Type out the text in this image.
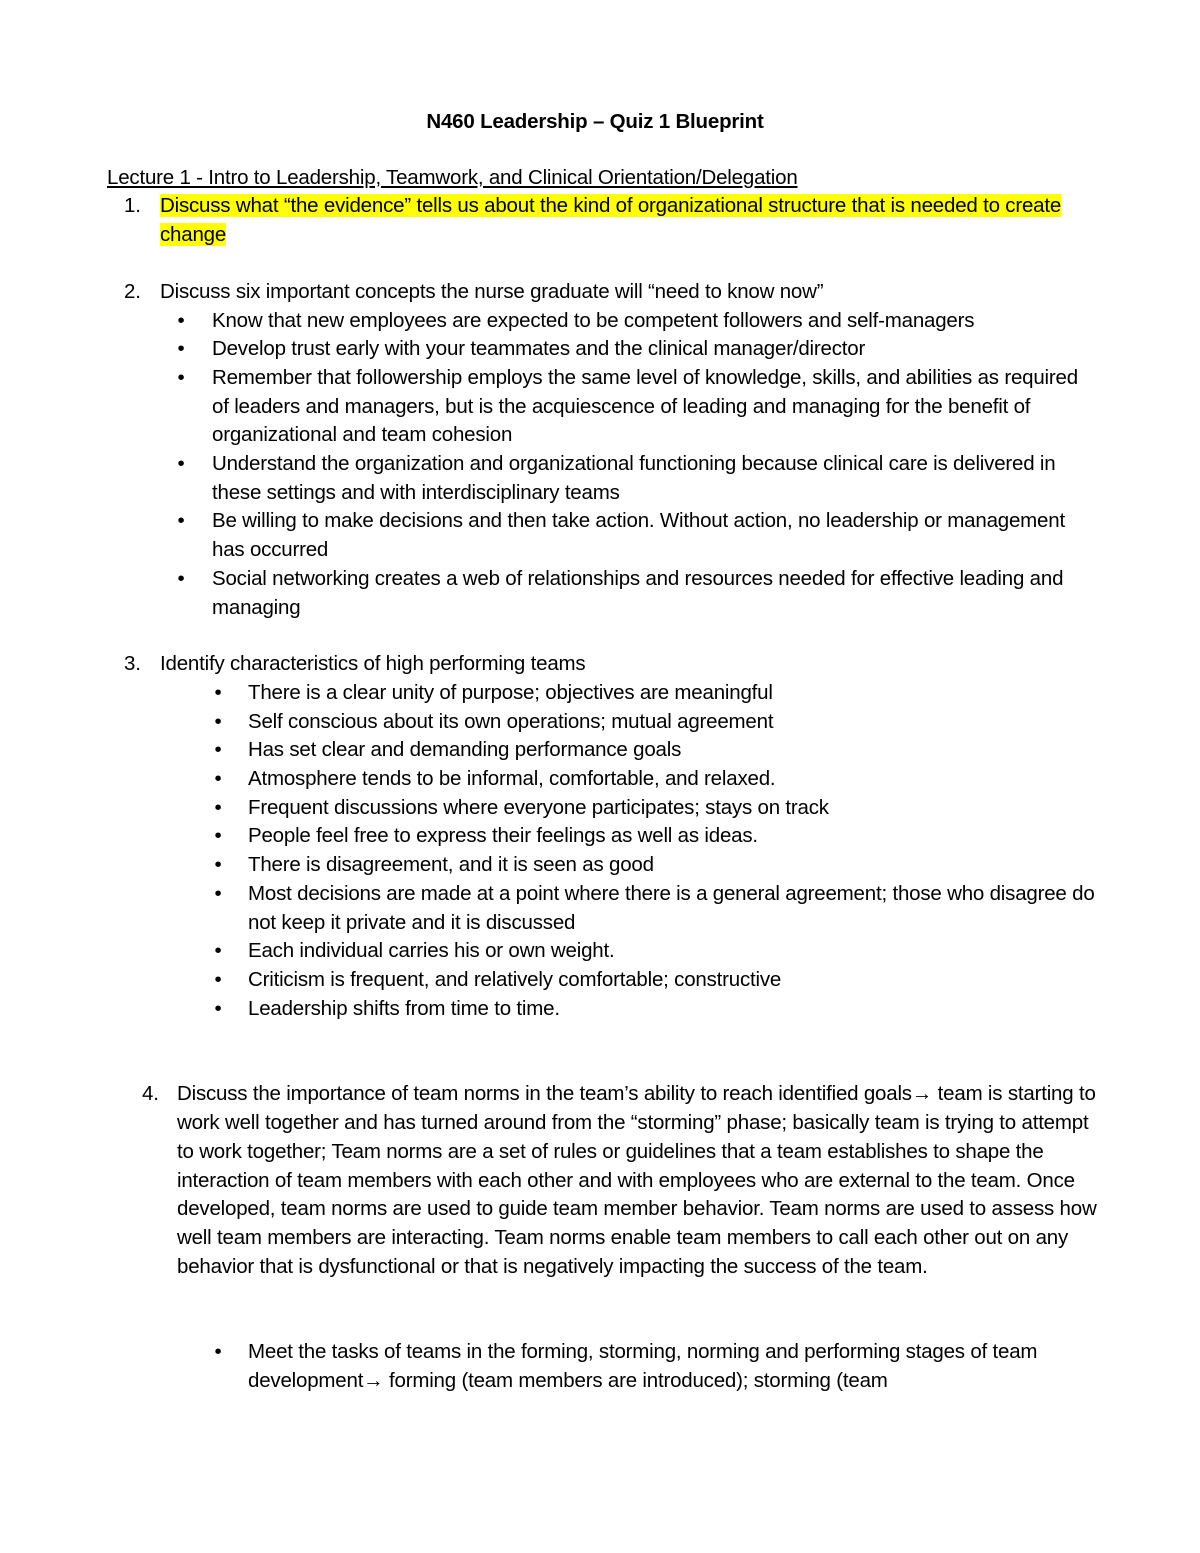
N460 Leadership – Quiz 1 Blueprint

Lecture 1 - Intro to Leadership, Teamwork, and Clinical Orientation/Delegation

1. Discuss what “the evidence” tells us about the kind of organizational structure that is needed to create change
2. Discuss six important concepts the nurse graduate will “need to know now”
• Know that new employees are expected to be competent followers and self-managers
• Develop trust early with your teammates and the clinical manager/director
• Remember that followership employs the same level of knowledge, skills, and abilities as required of leaders and managers, but is the acquiescence of leading and managing for the benefit of organizational and team cohesion
• Understand the organization and organizational functioning because clinical care is delivered in these settings and with interdisciplinary teams
• Be willing to make decisions and then take action. Without action, no leadership or management has occurred
• Social networking creates a web of relationships and resources needed for effective leading and managing
3. Identify characteristics of high performing teams
• There is a clear unity of purpose; objectives are meaningful
• Self conscious about its own operations; mutual agreement
• Has set clear and demanding performance goals
• Atmosphere tends to be informal, comfortable, and relaxed.
• Frequent discussions where everyone participates; stays on track
• People feel free to express their feelings as well as ideas.
• There is disagreement, and it is seen as good
• Most decisions are made at a point where there is a general agreement; those who disagree do not keep it private and it is discussed
• Each individual carries his or own weight.
• Criticism is frequent, and relatively comfortable; constructive
• Leadership shifts from time to time.
4. Discuss the importance of team norms in the team’s ability to reach identified goals→ team is starting to work well together and has turned around from the “storming” phase; basically team is trying to attempt to work together; Team norms are a set of rules or guidelines that a team establishes to shape the interaction of team members with each other and with employees who are external to the team. Once developed, team norms are used to guide team member behavior. Team norms are used to assess how well team members are interacting. Team norms enable team members to call each other out on any behavior that is dysfunctional or that is negatively impacting the success of the team.
• Meet the tasks of teams in the forming, storming, norming and performing stages of team development→ forming (team members are introduced); storming (team
